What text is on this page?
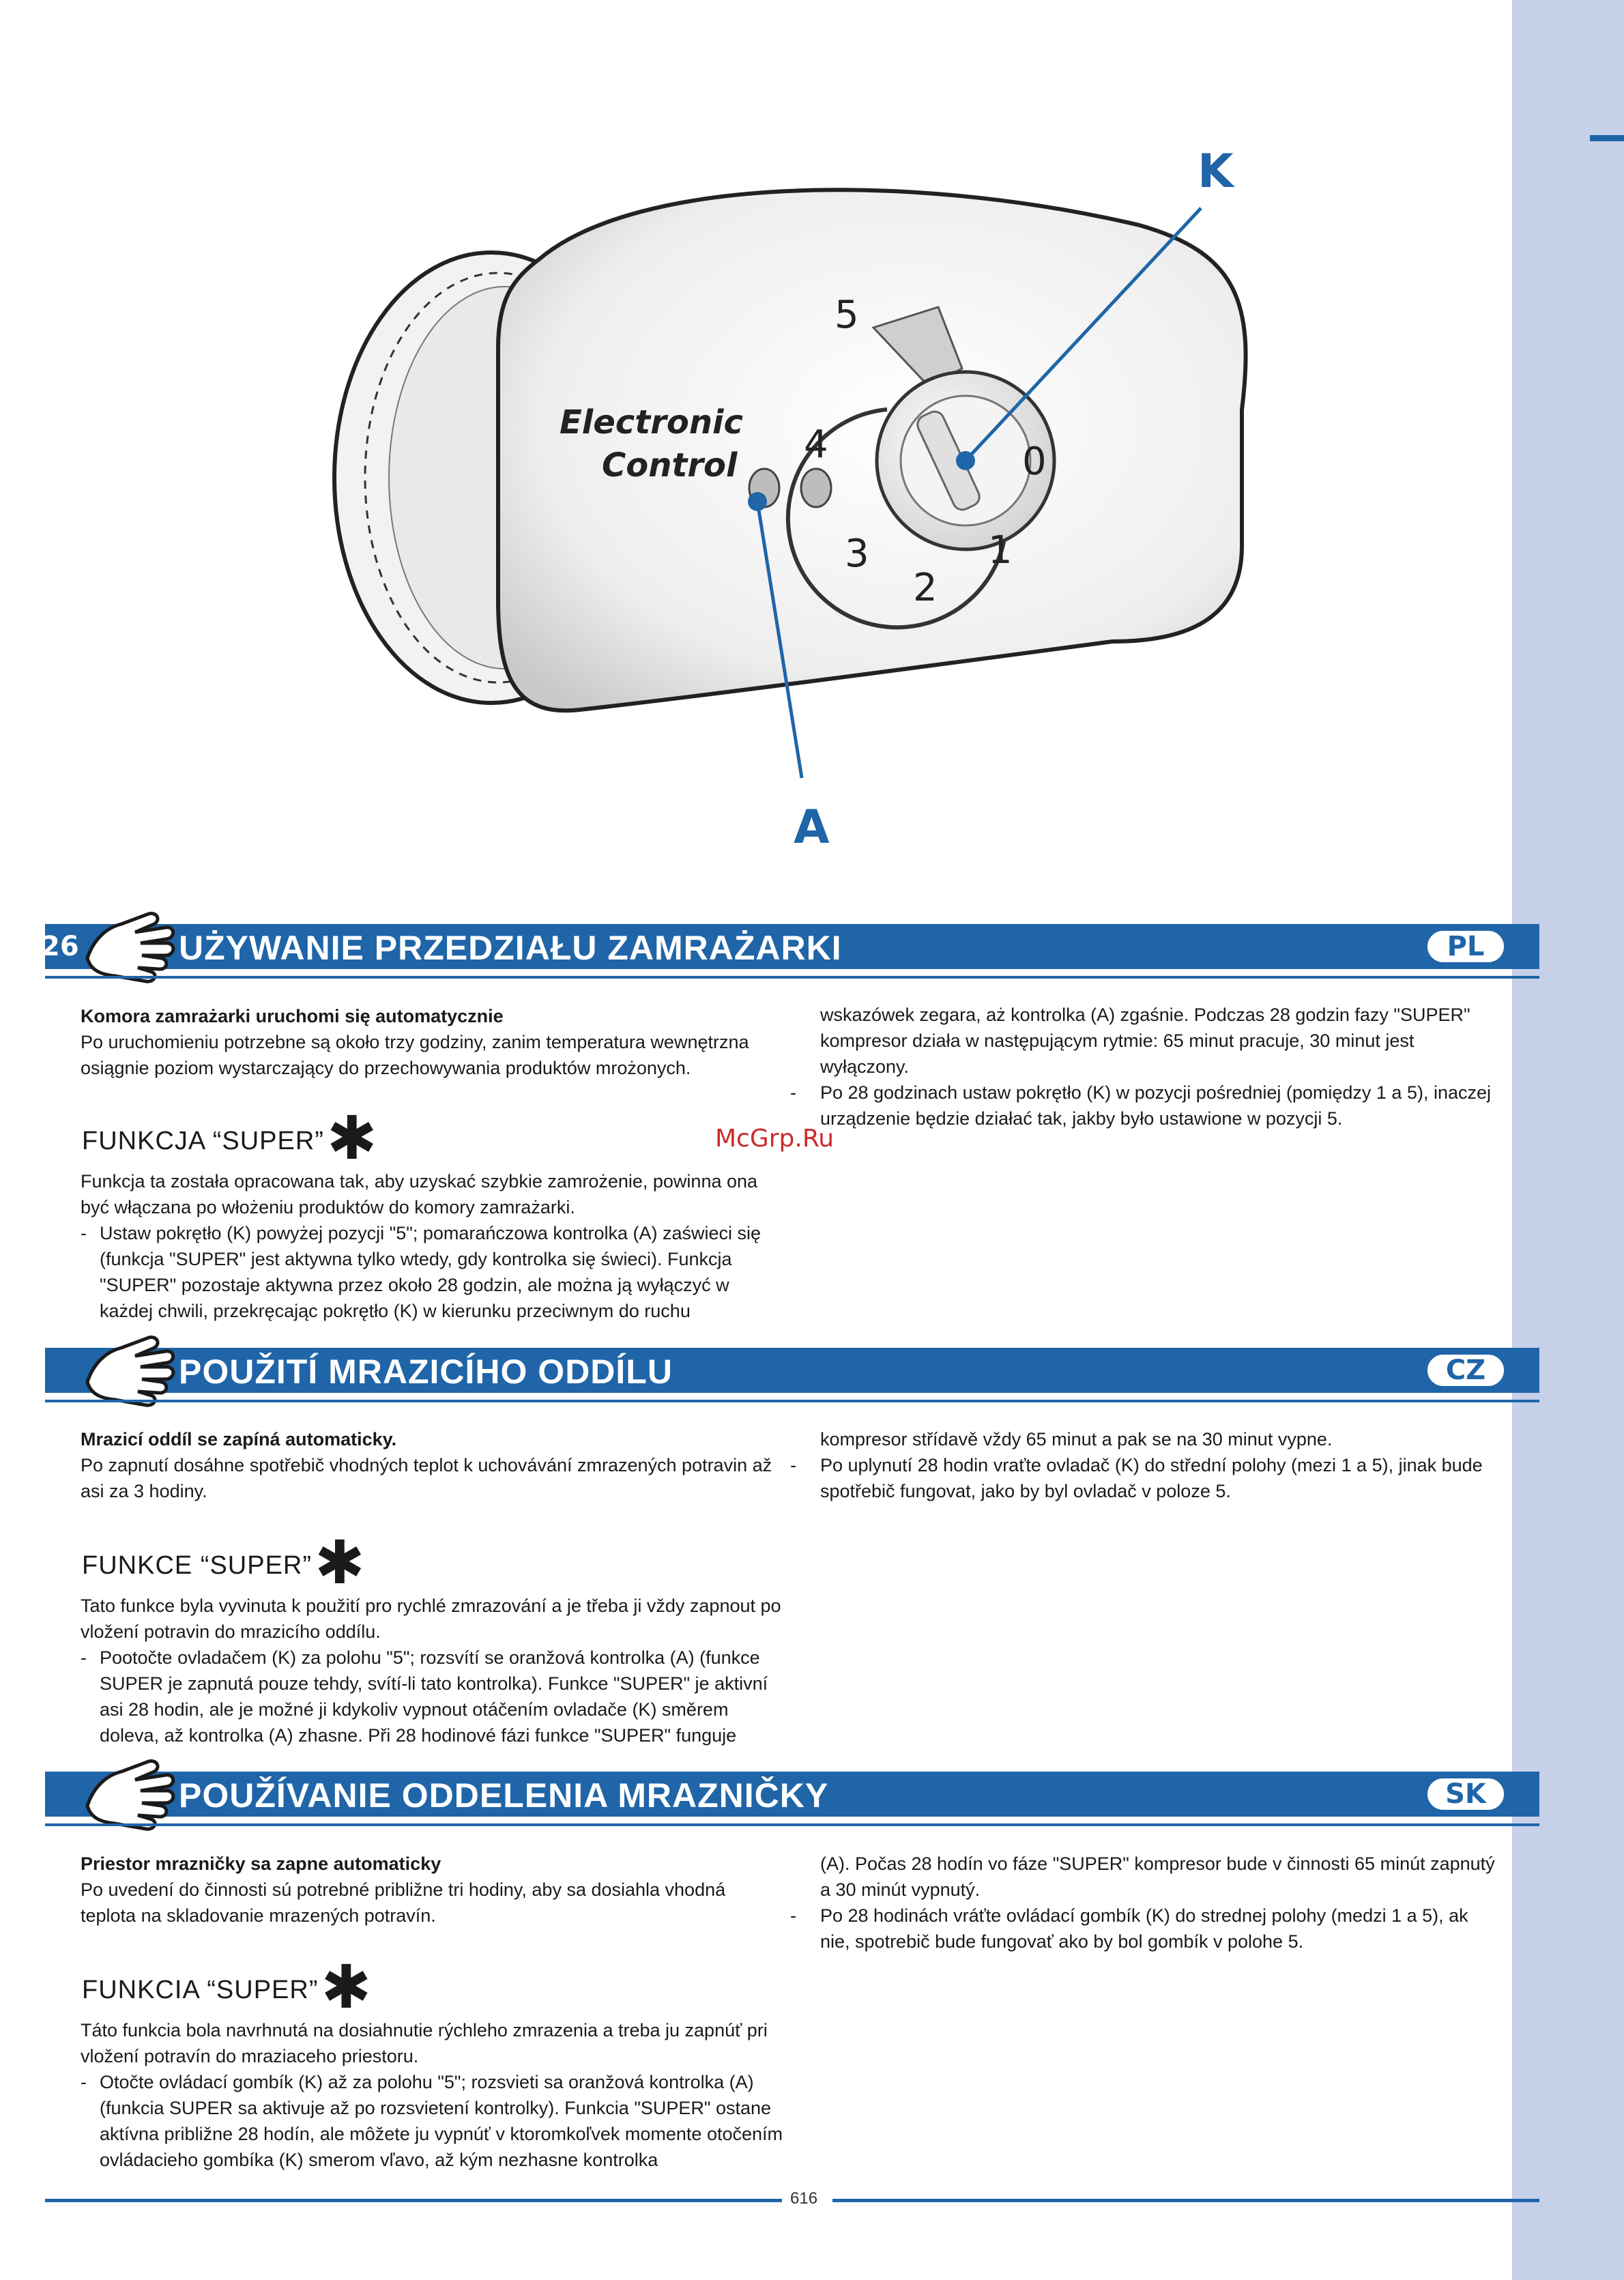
Electronic
Control
5
4	0
3
2
1
K
A
26	UŻYWANIE PRZEDZIAŁU ZAMRAŻARKI	PL

Komora zamrażarki uruchomi się automatycznie

Po uruchomieniu potrzebne są około trzy godziny, zanim temperatura wewnętrzna osiągnie poziom wystarczający do przechowywania produktów mrożonych.

FUNKCJA “SUPER”✱

Funkcja ta została opracowana tak, aby uzyskać szybkie zamrożenie, powinna ona być włączana po włożeniu produktów do komory zamrażarki.

- Ustaw pokrętło (K) powyżej pozycji "5"; pomarańczowa kontrolka (A) zaświeci się (funkcja "SUPER" jest aktywna tylko wtedy, gdy kontrolka się świeci). Funkcja "SUPER" pozostaje aktywna przez około 28 godzin, ale można ją wyłączyć w każdej chwili, przekręcając pokrętło (K) w kierunku przeciwnym do ruchu

wskazówek zegara, aż kontrolka (A) zgaśnie. Podczas 28 godzin fazy "SUPER" kompresor działa w następującym rytmie: 65 minut pracuje, 30 minut jest wyłączony.

- Po 28 godzinach ustaw pokrętło (K) w pozycji pośredniej (pomiędzy 1 a 5), inaczej urządzenie będzie działać tak, jakby było ustawione w pozycji 5.

McGrp.Ru
POUŽITÍ MRAZICÍHO ODDÍLU	CZ

Mrazicí oddíl se zapíná automaticky.

Po zapnutí dosáhne spotřebič vhodných teplot k uchovávání zmrazených potravin až asi za 3 hodiny.

FUNKCE “SUPER”✱

Tato funkce byla vyvinuta k použití pro rychlé zmrazování a je třeba ji vždy zapnout po vložení potravin do mrazicího oddílu.

- Pootočte ovladačem (K) za polohu "5"; rozsvítí se oranžová kontrolka (A) (funkce SUPER je zapnutá pouze tehdy, svítí-li tato kontrolka). Funkce "SUPER" je aktivní asi 28 hodin, ale je možné ji kdykoliv vypnout otáčením ovladače (K) směrem doleva, až kontrolka (A) zhasne. Při 28 hodinové fázi funkce "SUPER" funguje

kompresor střídavě vždy 65 minut a pak se na 30 minut vypne.

- Po uplynutí 28 hodin vraťte ovladač (K) do střední polohy (mezi 1 a 5), jinak bude spotřebič fungovat, jako by byl ovladač v poloze 5.

POUŽÍVANIE ODDELENIA MRAZNIČKY	SK

Priestor mrazničky sa zapne automaticky

Po uvedení do činnosti sú potrebné približne tri hodiny, aby sa dosiahla vhodná teplota na skladovanie mrazených potravín.

FUNKCIA “SUPER”✱

Táto funkcia bola navrhnutá na dosiahnutie rýchleho zmrazenia a treba ju zapnúť pri vložení potravín do mraziaceho priestoru.

- Otočte ovládací gombík (K) až za polohu "5"; rozsvieti sa oranžová kontrolka (A)(funkcia SUPER sa aktivuje až po rozsvietení kontrolky). Funkcia "SUPER" ostane aktívna približne 28 hodín, ale môžete ju vypnúť v ktoromkoľvek momente otočením ovládacieho gombíka (K) smerom vľavo, až kým nezhasne kontrolka

(A). Počas 28 hodín vo fáze "SUPER" kompresor bude v činnosti 65 minút zapnutý a 30 minút vypnutý.

- Po 28 hodinách vráťte ovládací gombík (K) do strednej polohy (medzi 1 a 5), ak nie, spotrebič bude fungovať ako by bol gombík v polohe 5.

616
